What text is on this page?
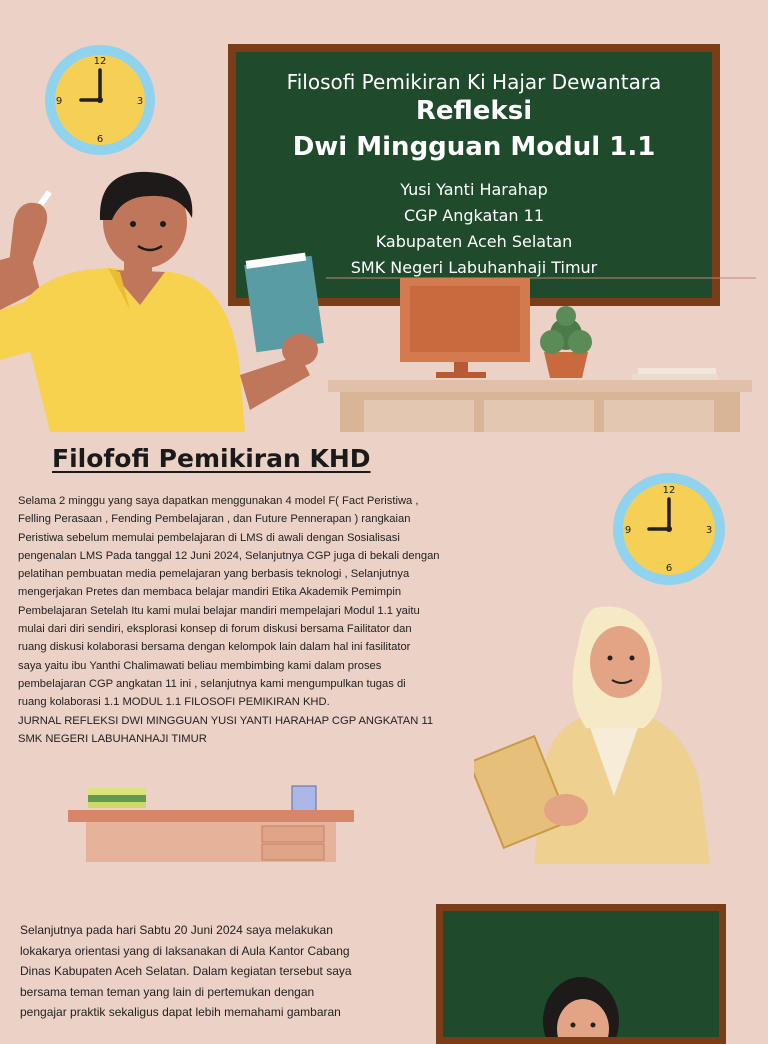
12
3
6
9
Filosofi Pemikiran Ki Hajar Dewantara
Refleksi
Dwi Mingguan Modul 1.1
Yusi Yanti Harahap
CGP Angkatan 11
Kabupaten Aceh Selatan
SMK Negeri Labuhanhaji Timur
Filofofi Pemikiran KHD
Selama 2 minggu yang saya dapatkan menggunakan 4 model F( Fact Peristiwa ,
Felling Perasaan , Fending Pembelajaran , dan Future Pennerapan ) rangkaian
Peristiwa sebelum memulai pembelajaran di LMS di awali dengan Sosialisasi
pengenalan LMS Pada tanggal 12 Juni 2024, Selanjutnya CGP juga di bekali dengan
pelatihan pembuatan media pemelajaran yang berbasis teknologi , Selanjutnya
mengerjakan Pretes dan membaca belajar mandiri Etika Akademik Pemimpin
Pembelajaran Setelah Itu kami mulai belajar mandiri mempelajari Modul 1.1 yaitu
mulai dari diri sendiri, eksplorasi konsep di forum diskusi bersama Failitator dan
ruang diskusi kolaborasi bersama dengan kelompok lain dalam hal ini fasilitator
saya yaitu ibu Yanthi Chalimawati beliau membimbing kami dalam proses
pembelajaran CGP angkatan 11 ini , selanjutnya kami mengumpulkan tugas di
ruang kolaborasi 1.1 MODUL 1.1 FILOSOFI PEMIKIRAN KHD.
JURNAL REFLEKSI DWI MINGGUAN YUSI YANTI HARAHAP CGP ANGKATAN 11
SMK NEGERI LABUHANHAJI TIMUR
12
3
6
9
Selanjutnya pada hari Sabtu 20 Juni 2024 saya melakukan
lokakarya orientasi yang di laksanakan di Aula Kantor Cabang
Dinas Kabupaten Aceh Selatan. Dalam kegiatan tersebut saya
bersama teman teman yang lain di pertemukan dengan
pengajar praktik sekaligus dapat lebih memahami gambaran
